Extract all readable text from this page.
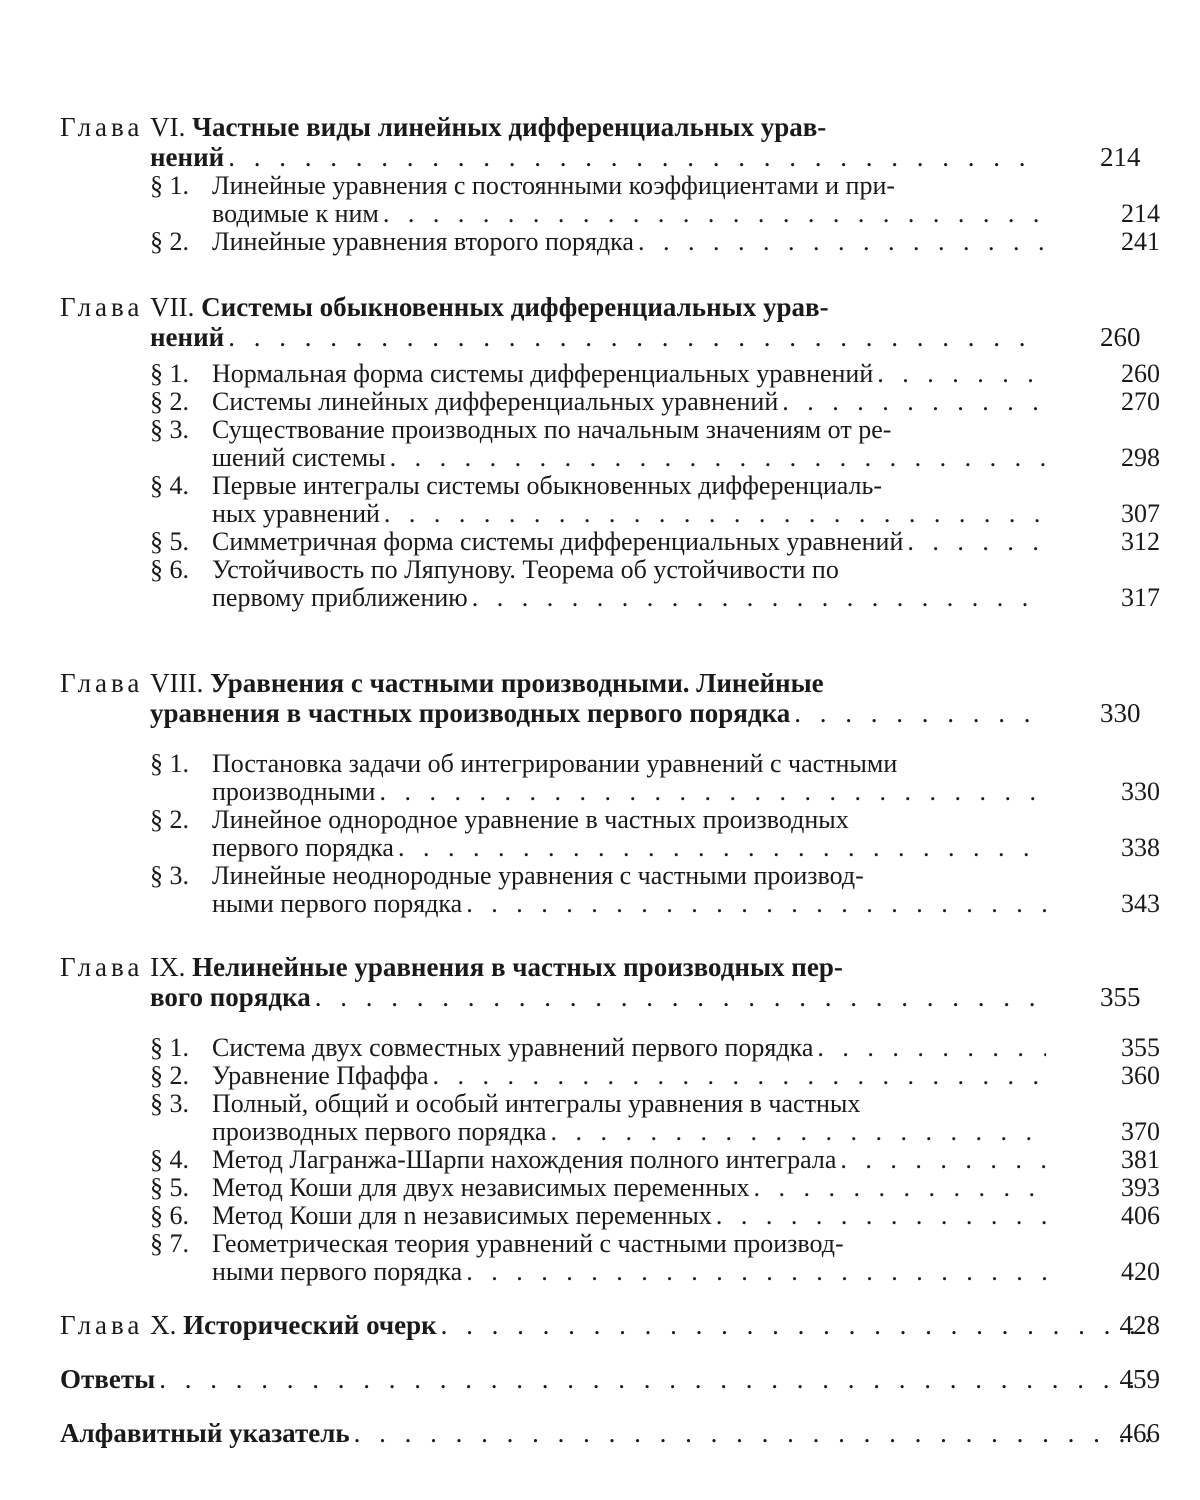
Глава VI. Частные виды линейных дифференциальных урав-
нений
. . .	214
§ 1. Линейные уравнения с постоянными коэффициентами и при-
водимые к ним
. . .	214
§ 2. Линейные уравнения второго порядка
. . .	241
Глава VII. Системы обыкновенных дифференциальных урав-
нений
. . .	260
§ 1. Нормальная форма системы дифференциальных уравнений
. . .	260
§ 2. Системы линейных дифференциальных уравнений
. . .	270
§ 3. Существование производных по начальным значениям от ре-
шений системы
. . .	298
§ 4. Первые интегралы системы обыкновенных дифференциаль-
ных уравнений
. . .	307
§ 5. Симметричная форма системы дифференциальных уравнений
. . .	312
§ 6. Устойчивость по Ляпунову. Теорема об устойчивости по
первому приближению
. . .	317
Глава VIII. Уравнения с частными производными. Линейные
уравнения в частных производных первого порядка
. . .	330
§ 1. Постановка задачи об интегрировании уравнений с частными
производными
. . .	330
§ 2. Линейное однородное уравнение в частных производных
первого порядка
. . .	338
§ 3. Линейные неоднородные уравнения с частными производ-
ными первого порядка
. . .	343
Глава IX. Нелинейные уравнения в частных производных пер-
вого порядка
. . .	355
§ 1. Система двух совместных уравнений первого порядка
. . .	355
§ 2. Уравнение Пфаффа
. . .	360
§ 3. Полный, общий и особый интегралы уравнения в частных
производных первого порядка
. . .	370
§ 4. Метод Лагранжа-Шарпи нахождения полного интеграла
. . .	381
§ 5. Метод Коши для двух независимых переменных
. . .	393
§ 6. Метод Коши для n независимых переменных
. . .	406
§ 7. Геометрическая теория уравнений с частными производ-
ными первого порядка
. . .	420
Глава X. Исторический очерк
. . .	428
Ответы
. . .	459
Алфавитный указатель
. . .	466
